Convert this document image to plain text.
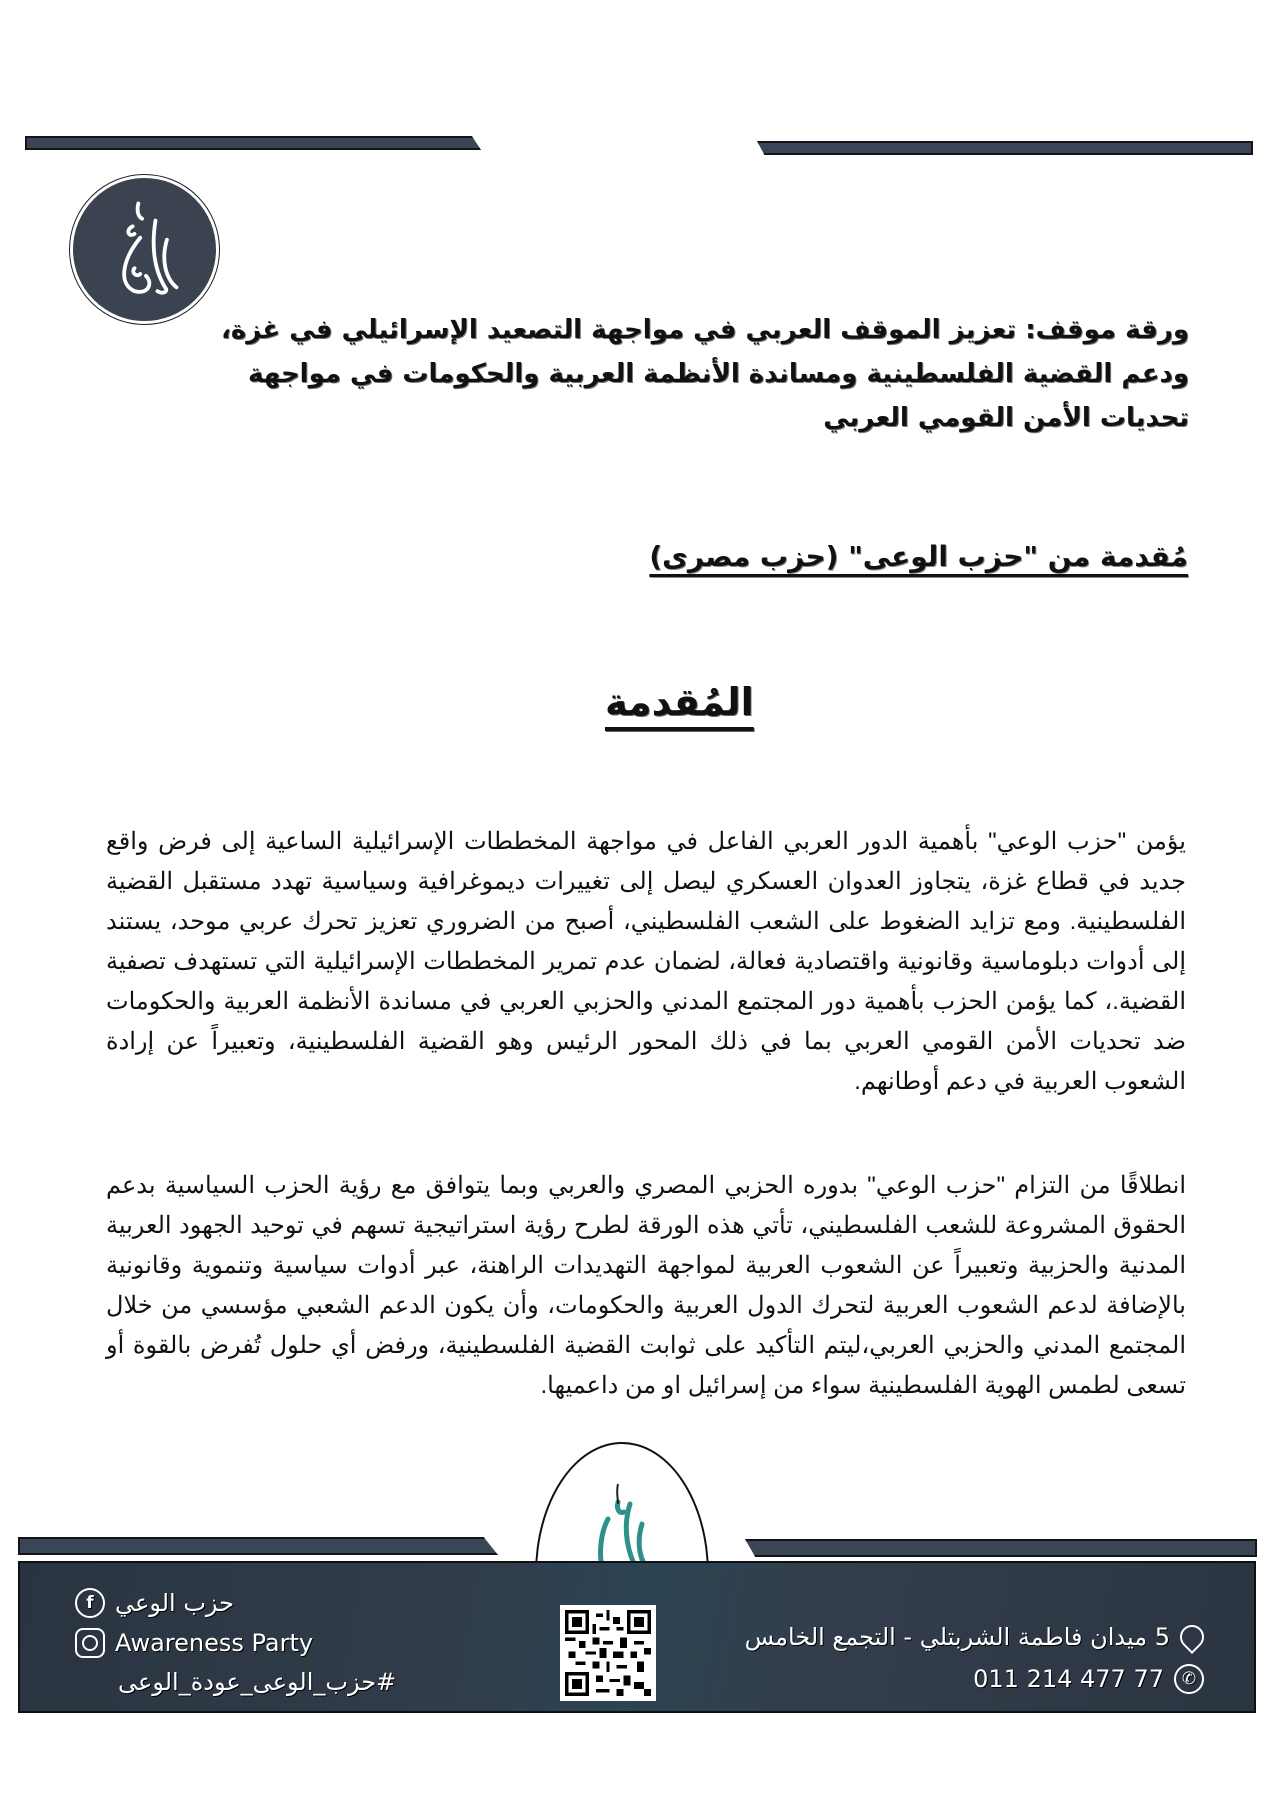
ورقة موقف: تعزيز الموقف العربي في مواجهة التصعيد الإسرائيلي في غزة، ودعم القضية الفلسطينية ومساندة الأنظمة العربية والحكومات في مواجهة تحديات الأمن القومي العربي
مُقدمة من "حزب الوعى" (حزب مصرى)
المُقدمة

يؤمن "حزب الوعي" بأهمية الدور العربي الفاعل في مواجهة المخططات الإسرائيلية الساعية إلى فرض واقع جديد في قطاع غزة، يتجاوز العدوان العسكري ليصل إلى تغييرات ديموغرافية وسياسية تهدد مستقبل القضية الفلسطينية. ومع تزايد الضغوط على الشعب الفلسطيني، أصبح من الضروري تعزيز تحرك عربي موحد، يستند إلى أدوات دبلوماسية وقانونية واقتصادية فعالة، لضمان عدم تمرير المخططات الإسرائيلية التي تستهدف تصفية القضية.، كما يؤمن الحزب بأهمية دور المجتمع المدني والحزبي العربي في مساندة الأنظمة العربية والحكومات ضد تحديات الأمن القومي العربي بما في ذلك المحور الرئيس وهو القضية الفلسطينية، وتعبيراً عن إرادة الشعوب العربية في دعم أوطانهم.

انطلاقًا من التزام "حزب الوعي" بدوره الحزبي المصري والعربي وبما يتوافق مع رؤية الحزب السياسية بدعم الحقوق المشروعة للشعب الفلسطيني، تأتي هذه الورقة لطرح رؤية استراتيجية تسهم في توحيد الجهود العربية المدنية والحزبية وتعبيراً عن الشعوب العربية لمواجهة التهديدات الراهنة، عبر أدوات سياسية وتنموية وقانونية بالإضافة لدعم الشعوب العربية لتحرك الدول العربية والحكومات، وأن يكون الدعم الشعبي مؤسسي من خلال المجتمع المدني والحزبي العربي،ليتم التأكيد على ثوابت القضية الفلسطينية، ورفض أي حلول تُفرض بالقوة أو تسعى لطمس الهوية الفلسطينية سواء من إسرائيل او من داعميها.

f حزب الوعي
Awareness Party
#حزب_الوعى_عودة_الوعى
5 ميدان فاطمة الشربتلي - التجمع الخامس
✆
011 214 477 77
